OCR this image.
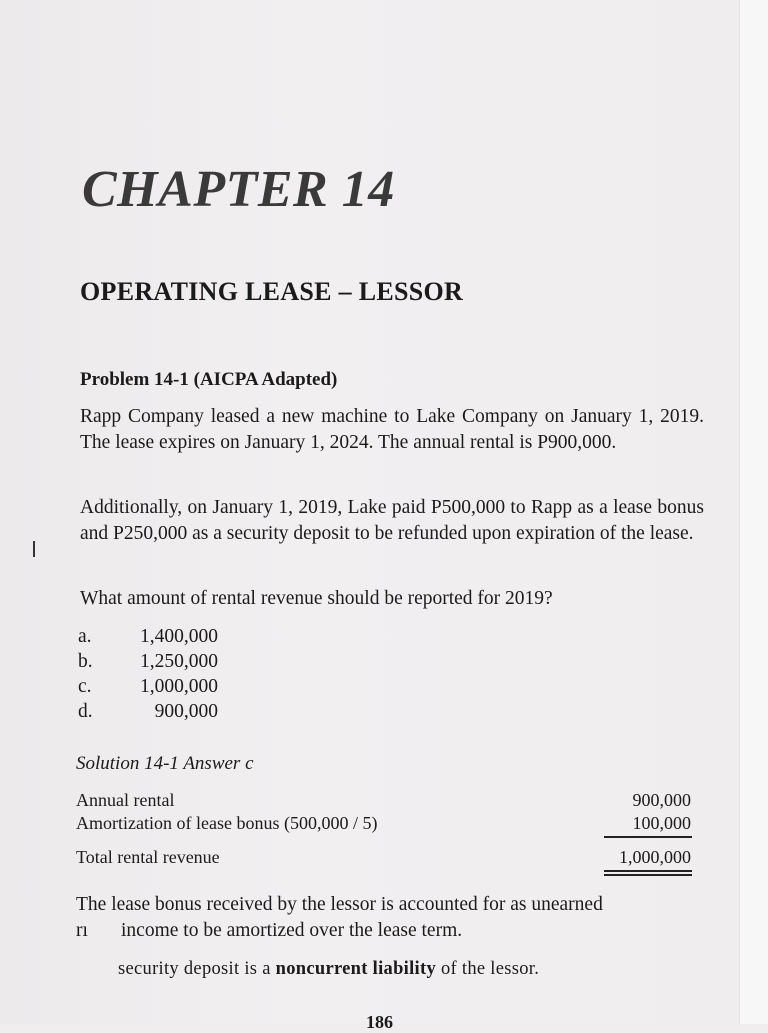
CHAPTER 14
OPERATING LEASE – LESSOR
Problem 14-1 (AICPA Adapted)

Rapp Company leased a new machine to Lake Company on January 1, 2019. The lease expires on January 1, 2024. The annual rental is P900,000.

Additionally, on January 1, 2019, Lake paid P500,000 to Rapp as a lease bonus and P250,000 as a security deposit to be refunded upon expiration of the lease.

What amount of rental revenue should be reported for 2019?
a. 1,400,000
b. 1,250,000
c. 1,000,000
d.	900,000
Solution 14-1 Answer c
Annual rental	900,000
Amortization of lease bonus (500,000 / 5)	100,000
Total rental revenue	1,000,000
The lease bonus received by the lessor is accounted for as unearned
rı income to be amortized over the lease term.
security deposit is a noncurrent liability of the lessor.
186
